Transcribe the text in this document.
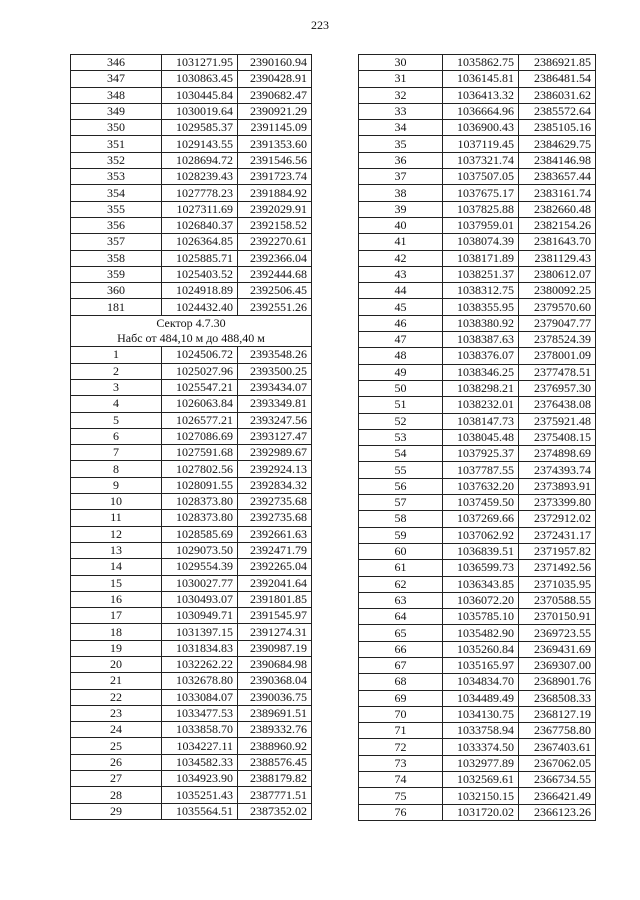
223
346	1031271.95	2390160.94
347	1030863.45	2390428.91
348	1030445.84	2390682.47
349	1030019.64	2390921.29
350	1029585.37	2391145.09
351	1029143.55	2391353.60
352	1028694.72	2391546.56
353	1028239.43	2391723.74
354	1027778.23	2391884.92
355	1027311.69	2392029.91
356	1026840.37	2392158.52
357	1026364.85	2392270.61
358	1025885.71	2392366.04
359	1025403.52	2392444.68
360	1024918.89	2392506.45
181	1024432.40	2392551.26
Сектор 4.7.30		
Набс от 484,10 м до 488,40 м		
1	1024506.72	2393548.26
2	1025027.96	2393500.25
3	1025547.21	2393434.07
4	1026063.84	2393349.81
5	1026577.21	2393247.56
6	1027086.69	2393127.47
7	1027591.68	2392989.67
8	1027802.56	2392924.13
9	1028091.55	2392834.32
10	1028373.80	2392735.68
11	1028373.80	2392735.68
12	1028585.69	2392661.63
13	1029073.50	2392471.79
14	1029554.39	2392265.04
15	1030027.77	2392041.64
16	1030493.07	2391801.85
17	1030949.71	2391545.97
18	1031397.15	2391274.31
19	1031834.83	2390987.19
20	1032262.22	2390684.98
21	1032678.80	2390368.04
22	1033084.07	2390036.75
23	1033477.53	2389691.51
24	1033858.70	2389332.76
25	1034227.11	2388960.92
26	1034582.33	2388576.45
27	1034923.90	2388179.82
28	1035251.43	2387771.51
29	1035564.51	2387352.02
30	1035862.75	2386921.85
31	1036145.81	2386481.54
32	1036413.32	2386031.62
33	1036664.96	2385572.64
34	1036900.43	2385105.16
35	1037119.45	2384629.75
36	1037321.74	2384146.98
37	1037507.05	2383657.44
38	1037675.17	2383161.74
39	1037825.88	2382660.48
40	1037959.01	2382154.26
41	1038074.39	2381643.70
42	1038171.89	2381129.43
43	1038251.37	2380612.07
44	1038312.75	2380092.25
45	1038355.95	2379570.60
46	1038380.92	2379047.77
47	1038387.63	2378524.39
48	1038376.07	2378001.09
49	1038346.25	2377478.51
50	1038298.21	2376957.30
51	1038232.01	2376438.08
52	1038147.73	2375921.48
53	1038045.48	2375408.15
54	1037925.37	2374898.69
55	1037787.55	2374393.74
56	1037632.20	2373893.91
57	1037459.50	2373399.80
58	1037269.66	2372912.02
59	1037062.92	2372431.17
60	1036839.51	2371957.82
61	1036599.73	2371492.56
62	1036343.85	2371035.95
63	1036072.20	2370588.55
64	1035785.10	2370150.91
65	1035482.90	2369723.55
66	1035260.84	2369431.69
67	1035165.97	2369307.00
68	1034834.70	2368901.76
69	1034489.49	2368508.33
70	1034130.75	2368127.19
71	1033758.94	2367758.80
72	1033374.50	2367403.61
73	1032977.89	2367062.05
74	1032569.61	2366734.55
75	1032150.15	2366421.49
76	1031720.02	2366123.26
